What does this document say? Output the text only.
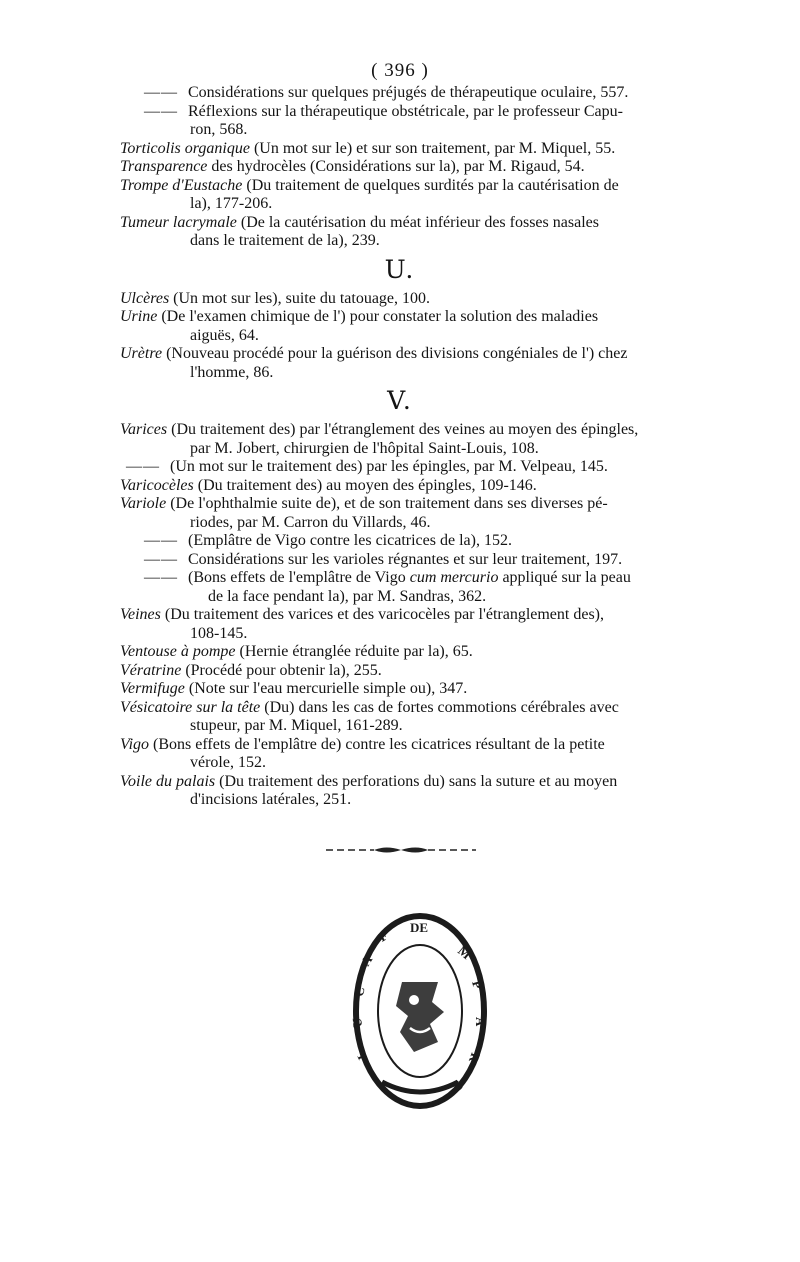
( 396 )

—— Considérations sur quelques préjugés de thérapeutique oculaire, 557.

—— Réflexions sur la thérapeutique obstétricale, par le professeur Capu-
ron, 568.

Torticolis organique (Un mot sur le) et sur son traitement, par M. Miquel, 55.

Transparence des hydrocèles (Considérations sur la), par M. Rigaud, 54.

Trompe d'Eustache (Du traitement de quelques surdités par la cautérisation de
la), 177-206.

Tumeur lacrymale (De la cautérisation du méat inférieur des fosses nasales
dans le traitement de la), 239.

U.

Ulcères (Un mot sur les), suite du tatouage, 100.

Urine (De l'examen chimique de l') pour constater la solution des maladies
aiguës, 64.

Urètre (Nouveau procédé pour la guérison des divisions congéniales de l') chez
l'homme, 86.

V.

Varices (Du traitement des) par l'étranglement des veines au moyen des épingles,
par M. Jobert, chirurgien de l'hôpital Saint-Louis, 108.

—— (Un mot sur le traitement des) par les épingles, par M. Velpeau, 145.

Varicocèles (Du traitement des) au moyen des épingles, 109-146.

Variole (De l'ophthalmie suite de), et de son traitement dans ses diverses pé-
riodes, par M. Carron du Villards, 46.

—— (Emplâtre de Vigo contre les cicatrices de la), 152.

—— Considérations sur les varioles régnantes et sur leur traitement, 197.

—— (Bons effets de l'emplâtre de Vigo cum mercurio appliqué sur la peau
de la face pendant la), par M. Sandras, 362.

Veines (Du traitement des varices et des varicocèles par l'étranglement des),
108-145.

Ventouse à pompe (Hernie étranglée réduite par la), 65.

Vératrine (Procédé pour obtenir la), 255.

Vermifuge (Note sur l'eau mercurielle simple ou), 347.

Vésicatoire sur la tête (Du) dans les cas de fortes commotions cérébrales avec
stupeur, par M. Miquel, 161-289.

Vigo (Bons effets de l'emplâtre de) contre les cicatrices résultant de la petite
vérole, 152.

Voile du palais (Du traitement des perforations du) sans la suture et au moyen
d'incisions latérales, 251.

F
A
C
U
L
DE
M
P
A
R
S
